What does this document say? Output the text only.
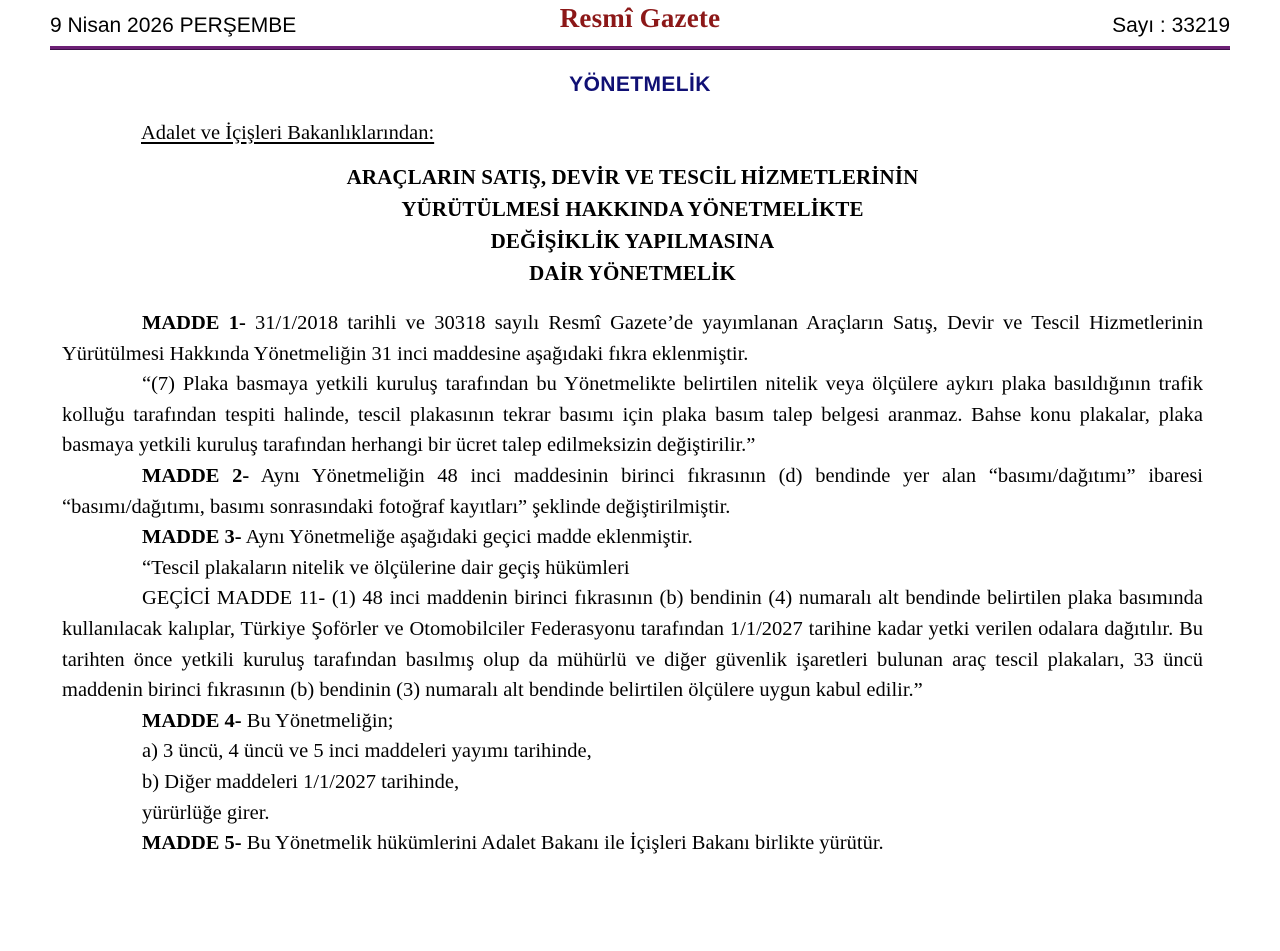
9 Nisan 2026 PERŞEMBE	Resmî Gazete	Sayı : 33219
YÖNETMELİK
Adalet ve İçişleri Bakanlıklarından:
ARAÇLARIN SATIŞ, DEVİR VE TESCİL HİZMETLERİNİN
YÜRÜTÜLMESİ HAKKINDA YÖNETMELİKTE
DEĞİŞİKLİK YAPILMASINA
DAİR YÖNETMELİK

MADDE 1- 31/1/2018 tarihli ve 30318 sayılı Resmî Gazete’de yayımlanan Araçların Satış, Devir ve Tescil Hizmetlerinin Yürütülmesi Hakkında Yönetmeliğin 31 inci maddesine aşağıdaki fıkra eklenmiştir.

“(7) Plaka basmaya yetkili kuruluş tarafından bu Yönetmelikte belirtilen nitelik veya ölçülere aykırı plaka basıldığının trafik kolluğu tarafından tespiti halinde, tescil plakasının tekrar basımı için plaka basım talep belgesi aranmaz. Bahse konu plakalar, plaka basmaya yetkili kuruluş tarafından herhangi bir ücret talep edilmeksizin değiştirilir.”

MADDE 2- Aynı Yönetmeliğin 48 inci maddesinin birinci fıkrasının (d) bendinde yer alan “basımı/dağıtımı” ibaresi “basımı/dağıtımı, basımı sonrasındaki fotoğraf kayıtları” şeklinde değiştirilmiştir.

MADDE 3- Aynı Yönetmeliğe aşağıdaki geçici madde eklenmiştir.

“Tescil plakaların nitelik ve ölçülerine dair geçiş hükümleri

GEÇİCİ MADDE 11- (1) 48 inci maddenin birinci fıkrasının (b) bendinin (4) numaralı alt bendinde belirtilen plaka basımında kullanılacak kalıplar, Türkiye Şoförler ve Otomobilciler Federasyonu tarafından 1/1/2027 tarihine kadar yetki verilen odalara dağıtılır. Bu tarihten önce yetkili kuruluş tarafından basılmış olup da mühürlü ve diğer güvenlik işaretleri bulunan araç tescil plakaları, 33 üncü maddenin birinci fıkrasının (b) bendinin (3) numaralı alt bendinde belirtilen ölçülere uygun kabul edilir.”

MADDE 4- Bu Yönetmeliğin;

a) 3 üncü, 4 üncü ve 5 inci maddeleri yayımı tarihinde,
b) Diğer maddeleri 1/1/2027 tarihinde,
yürürlüğe girer.

MADDE 5- Bu Yönetmelik hükümlerini Adalet Bakanı ile İçişleri Bakanı birlikte yürütür.
